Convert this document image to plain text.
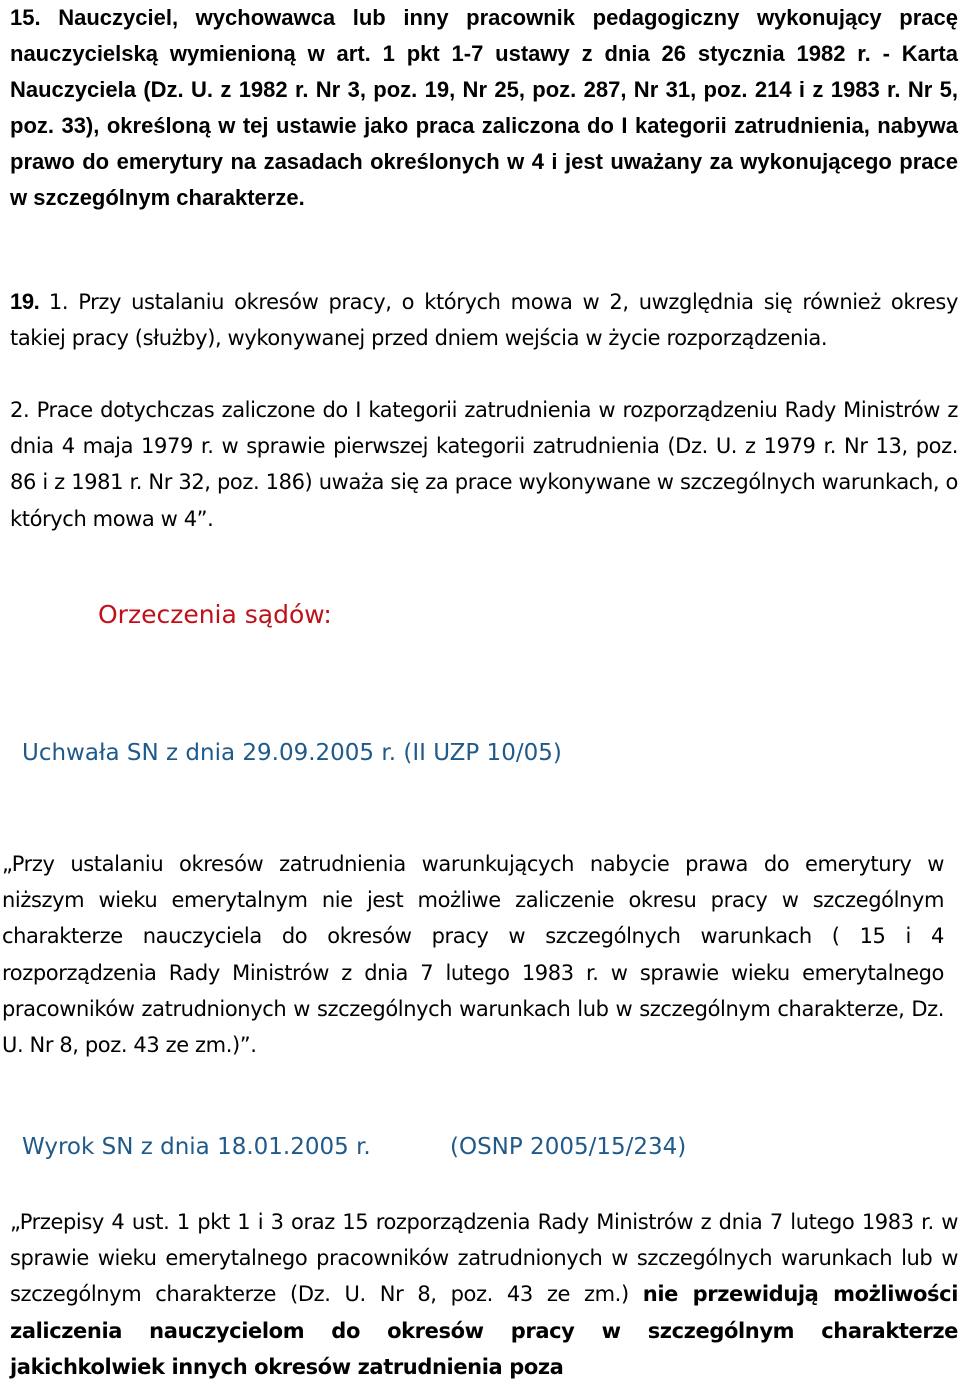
15. Nauczyciel, wychowawca lub inny pracownik pedagogiczny wykonujący pracę nauczycielską wymienioną w art. 1 pkt 1-7 ustawy z dnia 26 stycznia 1982 r. - Karta Nauczyciela (Dz. U. z 1982 r. Nr 3, poz. 19, Nr 25, poz. 287, Nr 31, poz. 214 i z 1983 r. Nr 5, poz. 33), określoną w tej ustawie jako praca zaliczona do I kategorii zatrudnienia, nabywa prawo do emerytury na zasadach określonych w 4 i jest uważany za wykonującego prace w szczególnym charakterze.

19. 1. Przy ustalaniu okresów pracy, o których mowa w 2, uwzględnia się również okresy takiej pracy (służby), wykonywanej przed dniem wejścia w życie rozporządzenia.

2. Prace dotychczas zaliczone do I kategorii zatrudnienia w rozporządzeniu Rady Ministrów z dnia 4 maja 1979 r. w sprawie pierwszej kategorii zatrudnienia (Dz. U. z 1979 r. Nr 13, poz. 86 i z 1981 r. Nr 32, poz. 186) uważa się za prace wykonywane w szczególnych warunkach, o których mowa w 4”.

Orzeczenia sądów:

Uchwała SN z dnia 29.09.2005 r. (II UZP 10/05)

„Przy ustalaniu okresów zatrudnienia warunkujących nabycie prawa do emerytury w niższym wieku emerytalnym nie jest możliwe zaliczenie okresu pracy w szczególnym charakterze nauczyciela do okresów pracy w szczególnych warunkach ( 15 i 4 rozporządzenia Rady Ministrów z dnia 7 lutego 1983 r. w sprawie wieku emerytalnego pracowników zatrudnionych w szczególnych warunkach lub w szczególnym charakterze, Dz. U. Nr 8, poz. 43 ze zm.)”.

Wyrok SN z dnia 18.01.2005 r.	(OSNP 2005/15/234)

„Przepisy 4 ust. 1 pkt 1 i 3 oraz 15 rozporządzenia Rady Ministrów z dnia 7 lutego 1983 r. w sprawie wieku emerytalnego pracowników zatrudnionych w szczególnych warunkach lub w szczególnym charakterze (Dz. U. Nr 8, poz. 43 ze zm.) nie przewidują możliwości zaliczenia nauczycielom do okresów pracy w szczególnym charakterze jakichkolwiek innych okresów zatrudnienia poza
